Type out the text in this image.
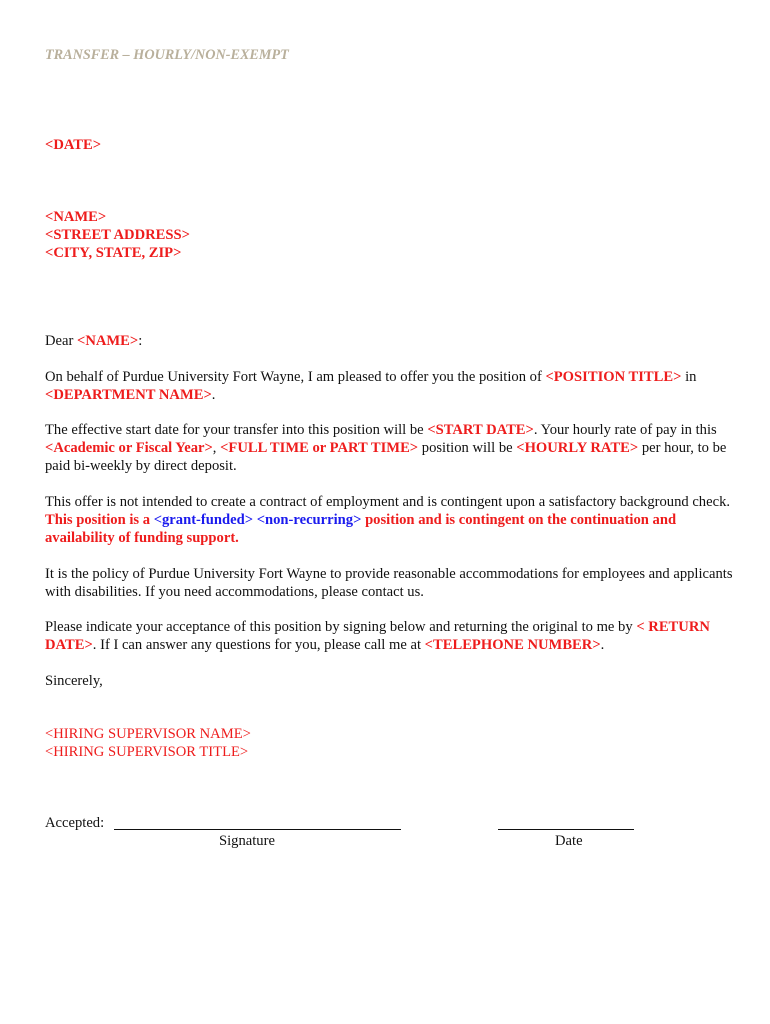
TRANSFER – HOURLY/NON-EXEMPT
<DATE>
<NAME>
<STREET ADDRESS>
<CITY, STATE, ZIP>
Dear <NAME>:
On behalf of Purdue University Fort Wayne, I am pleased to offer you the position of <POSITION TITLE> in <DEPARTMENT NAME>.
The effective start date for your transfer into this position will be <START DATE>. Your hourly rate of pay in this <Academic or Fiscal Year>, <FULL TIME or PART TIME> position will be <HOURLY RATE> per hour, to be paid bi-weekly by direct deposit.
This offer is not intended to create a contract of employment and is contingent upon a satisfactory background check. This position is a <grant-funded> <non-recurring> position and is contingent on the continuation and availability of funding support.
It is the policy of Purdue University Fort Wayne to provide reasonable accommodations for employees and applicants with disabilities. If you need accommodations, please contact us.
Please indicate your acceptance of this position by signing below and returning the original to me by < RETURN DATE>. If I can answer any questions for you, please call me at <TELEPHONE NUMBER>.
Sincerely,
<HIRING SUPERVISOR NAME>
<HIRING SUPERVISOR TITLE>
Accepted:
Signature	Date
